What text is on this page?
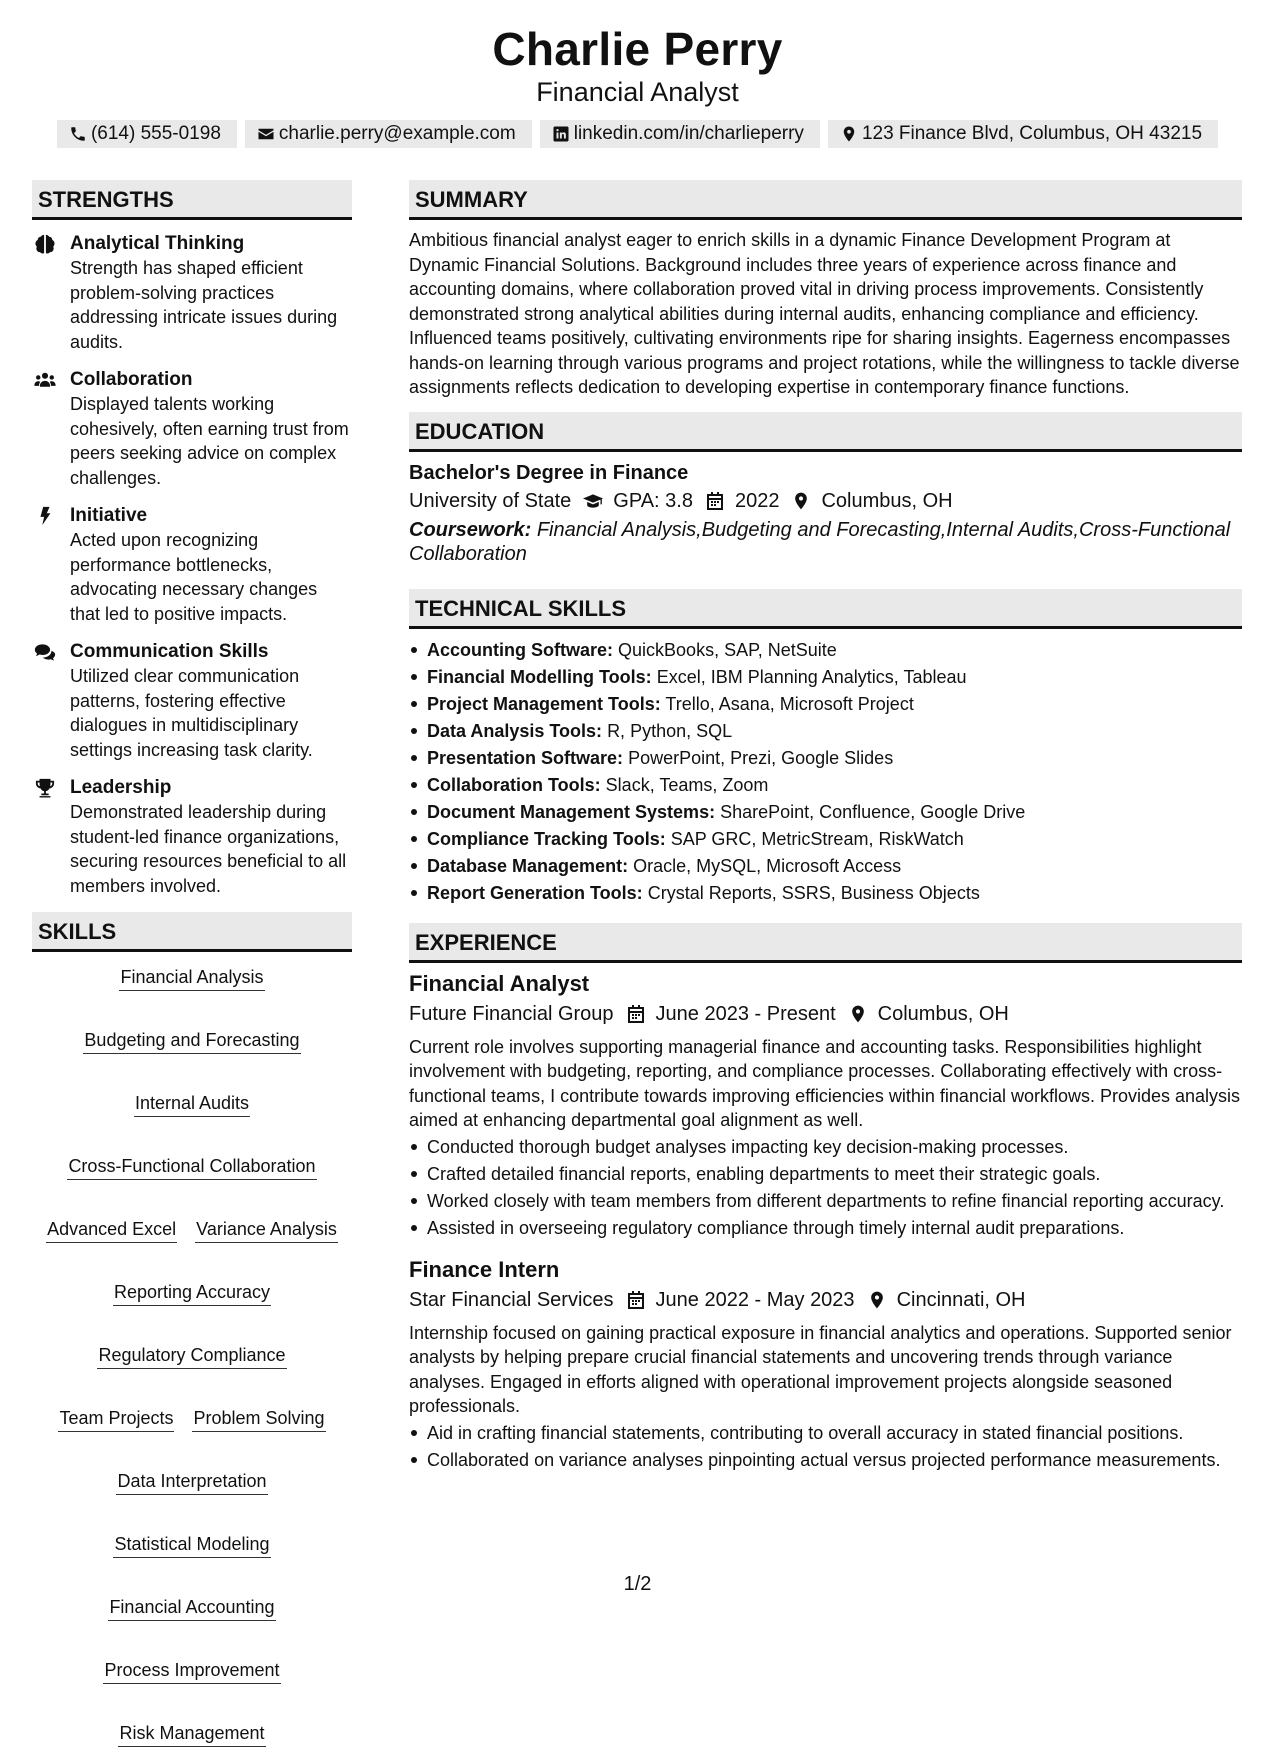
Charlie Perry
Financial Analyst
(614) 555-0198	charlie.perry@example.com	linkedin.com/in/charlieperry	123 Finance Blvd, Columbus, OH 43215
STRENGTHS
Analytical Thinking
Strength has shaped efficient problem-solving practices addressing intricate issues during audits.
Collaboration
Displayed talents working cohesively, often earning trust from peers seeking advice on complex challenges.
Initiative
Acted upon recognizing performance bottlenecks, advocating necessary changes that led to positive impacts.
Communication Skills
Utilized clear communication patterns, fostering effective dialogues in multidisciplinary settings increasing task clarity.
Leadership
Demonstrated leadership during student-led finance organizations, securing resources beneficial to all members involved.
SKILLS
Financial Analysis
Budgeting and Forecasting
Internal Audits
Cross-Functional Collaboration
Advanced Excel Variance Analysis
Reporting Accuracy
Regulatory Compliance
Team Projects Problem Solving
Data Interpretation
Statistical Modeling
Financial Accounting
Process Improvement
Risk Management
SUMMARY
Ambitious financial analyst eager to enrich skills in a dynamic Finance Development Program at Dynamic Financial Solutions. Background includes three years of experience across finance and accounting domains, where collaboration proved vital in driving process improvements. Consistently demonstrated strong analytical abilities during internal audits, enhancing compliance and efficiency. Influenced teams positively, cultivating environments ripe for sharing insights. Eagerness encompasses hands-on learning through various programs and project rotations, while the willingness to tackle diverse assignments reflects dedication to developing expertise in contemporary finance functions.
EDUCATION
Bachelor's Degree in Finance
University of State GPA: 3.8 2022 Columbus, OH
Coursework: Financial Analysis,Budgeting and Forecasting,Internal Audits,Cross-Functional Collaboration
TECHNICAL SKILLS
Accounting Software: QuickBooks, SAP, NetSuite
Financial Modelling Tools: Excel, IBM Planning Analytics, Tableau
Project Management Tools: Trello, Asana, Microsoft Project
Data Analysis Tools: R, Python, SQL
Presentation Software: PowerPoint, Prezi, Google Slides
Collaboration Tools: Slack, Teams, Zoom
Document Management Systems: SharePoint, Confluence, Google Drive
Compliance Tracking Tools: SAP GRC, MetricStream, RiskWatch
Database Management: Oracle, MySQL, Microsoft Access
Report Generation Tools: Crystal Reports, SSRS, Business Objects
EXPERIENCE
Financial Analyst
Future Financial Group June 2023 - Present Columbus, OH
Current role involves supporting managerial finance and accounting tasks. Responsibilities highlight involvement with budgeting, reporting, and compliance processes. Collaborating effectively with cross-functional teams, I contribute towards improving efficiencies within financial workflows. Provides analysis aimed at enhancing departmental goal alignment as well.
Conducted thorough budget analyses impacting key decision-making processes.
Crafted detailed financial reports, enabling departments to meet their strategic goals.
Worked closely with team members from different departments to refine financial reporting accuracy.
Assisted in overseeing regulatory compliance through timely internal audit preparations.
Finance Intern
Star Financial Services June 2022 - May 2023 Cincinnati, OH
Internship focused on gaining practical exposure in financial analytics and operations. Supported senior analysts by helping prepare crucial financial statements and uncovering trends through variance analyses. Engaged in efforts aligned with operational improvement projects alongside seasoned professionals.
Aid in crafting financial statements, contributing to overall accuracy in stated financial positions.
Collaborated on variance analyses pinpointing actual versus projected performance measurements.
1/2
